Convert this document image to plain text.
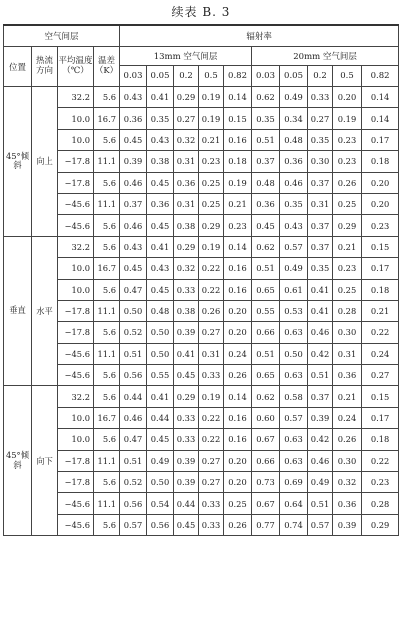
续表 B. 3
空气间层				辐射率									
位置	热流方向	平均温度（℃）	温差（K）	13mm 空气间层					20mm 空气间层				
				0.03	0.05	0.2	0.5	0.82	0.03	0.05	0.2	0.5	0.82
45°倾斜	向上	32.2	5.6	0.43	0.41	0.29	0.19	0.14	0.62	0.49	0.33	0.20	0.14
		10.0	16.7	0.36	0.35	0.27	0.19	0.15	0.35	0.34	0.27	0.19	0.14
		10.0	5.6	0.45	0.43	0.32	0.21	0.16	0.51	0.48	0.35	0.23	0.17
		−17.8	11.1	0.39	0.38	0.31	0.23	0.18	0.37	0.36	0.30	0.23	0.18
		−17.8	5.6	0.46	0.45	0.36	0.25	0.19	0.48	0.46	0.37	0.26	0.20
		−45.6	11.1	0.37	0.36	0.31	0.25	0.21	0.36	0.35	0.31	0.25	0.20
		−45.6	5.6	0.46	0.45	0.38	0.29	0.23	0.45	0.43	0.37	0.29	0.23
垂直	水平	32.2	5.6	0.43	0.41	0.29	0.19	0.14	0.62	0.57	0.37	0.21	0.15
		10.0	16.7	0.45	0.43	0.32	0.22	0.16	0.51	0.49	0.35	0.23	0.17
		10.0	5.6	0.47	0.45	0.33	0.22	0.16	0.65	0.61	0.41	0.25	0.18
		−17.8	11.1	0.50	0.48	0.38	0.26	0.20	0.55	0.53	0.41	0.28	0.21
		−17.8	5.6	0.52	0.50	0.39	0.27	0.20	0.66	0.63	0.46	0.30	0.22
		−45.6	11.1	0.51	0.50	0.41	0.31	0.24	0.51	0.50	0.42	0.31	0.24
		−45.6	5.6	0.56	0.55	0.45	0.33	0.26	0.65	0.63	0.51	0.36	0.27
45°倾斜	向下	32.2	5.6	0.44	0.41	0.29	0.19	0.14	0.62	0.58	0.37	0.21	0.15
		10.0	16.7	0.46	0.44	0.33	0.22	0.16	0.60	0.57	0.39	0.24	0.17
		10.0	5.6	0.47	0.45	0.33	0.22	0.16	0.67	0.63	0.42	0.26	0.18
		−17.8	11.1	0.51	0.49	0.39	0.27	0.20	0.66	0.63	0.46	0.30	0.22
		−17.8	5.6	0.52	0.50	0.39	0.27	0.20	0.73	0.69	0.49	0.32	0.23
		−45.6	11.1	0.56	0.54	0.44	0.33	0.25	0.67	0.64	0.51	0.36	0.28
		−45.6	5.6	0.57	0.56	0.45	0.33	0.26	0.77	0.74	0.57	0.39	0.29
